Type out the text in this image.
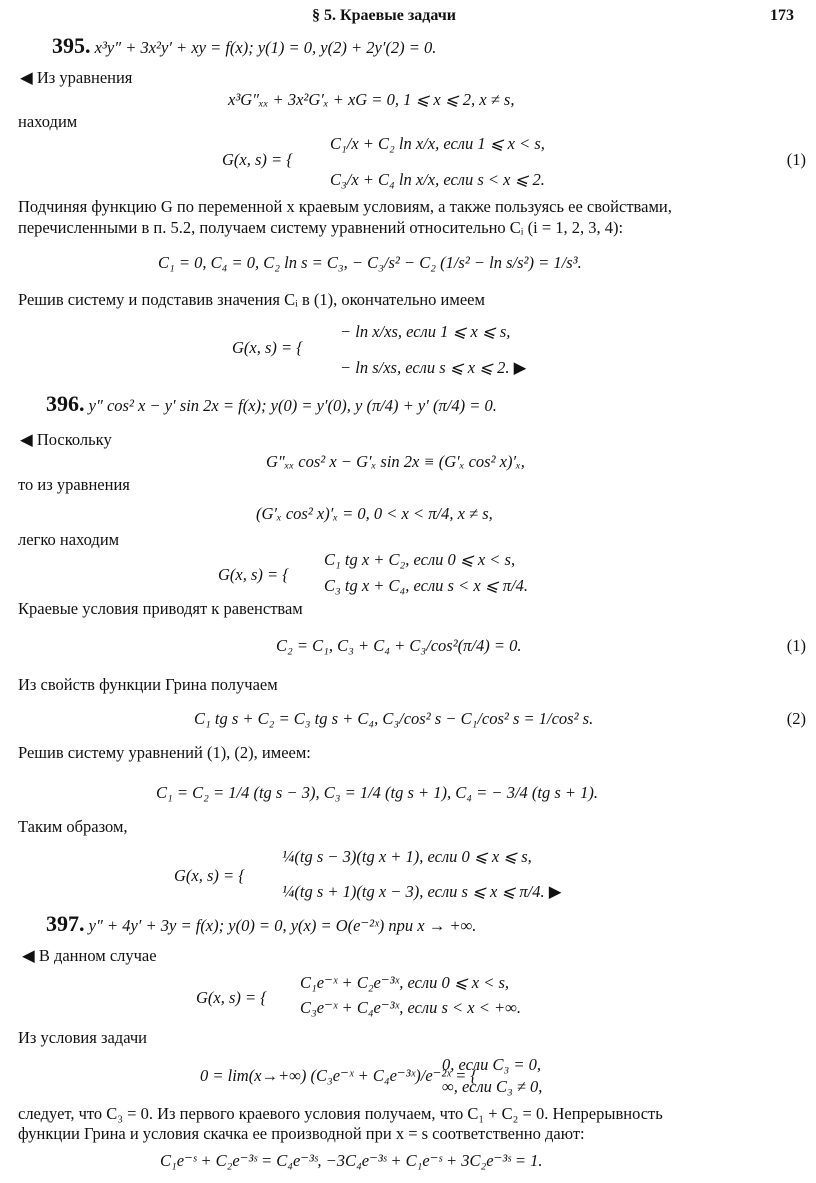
§ 5. Краевые задачи	173
395. x³y″ + 3x²y′ + xy = f(x); y(1) = 0, y(2) + 2y′(2) = 0.
◀ Из уравнения
x³G″ₓₓ + 3x²G′ₓ + xG = 0, 1 ⩽ x ⩽ 2, x ≠ s,
находим
G(x, s) = {
C₁/x + C₂ ln x/x, если 1 ⩽ x < s,
C₃/x + C₄ ln x/x, если s < x ⩽ 2.
Подчиняя функцию G по переменной x краевым условиям, а также пользуясь ее свойствами,
перечисленными в п. 5.2, получаем систему уравнений относительно Cᵢ (i = 1, 2, 3, 4):
C₁ = 0, C₄ = 0, C₂ ln s = C₃, − C₃/s² − C₂ (1/s² − ln s/s²) = 1/s³.
Решив систему и подставив значения Cᵢ в (1), окончательно имеем
G(x, s) = {
− ln x/xs, если 1 ⩽ x ⩽ s,
− ln s/xs, если s ⩽ x ⩽ 2. ▶
396. y″ cos² x − y′ sin 2x = f(x); y(0) = y′(0), y (π/4) + y′ (π/4) = 0.
◀ Поскольку
G″ₓₓ cos² x − G′ₓ sin 2x ≡ (G′ₓ cos² x)′ₓ,
то из уравнения
(G′ₓ cos² x)′ₓ = 0, 0 < x < π/4, x ≠ s,
легко находим
G(x, s) = {
C₁ tg x + C₂, если 0 ⩽ x < s,
C₃ tg x + C₄, если s < x ⩽ π/4.
Краевые условия приводят к равенствам
C₂ = C₁, C₃ + C₄ + C₃/cos²(π/4) = 0.
Из свойств функции Грина получаем
C₁ tg s + C₂ = C₃ tg s + C₄, C₃/cos² s − C₁/cos² s = 1/cos² s.
Решив систему уравнений (1), (2), имеем:
C₁ = C₂ = 1/4 (tg s − 3), C₃ = 1/4 (tg s + 1), C₄ = − 3/4 (tg s + 1).
Таким образом,
G(x, s) = {
¼(tg s − 3)(tg x + 1), если 0 ⩽ x ⩽ s,
¼(tg s + 1)(tg x − 3), если s ⩽ x ⩽ π/4. ▶
397. y″ + 4y′ + 3y = f(x); y(0) = 0, y(x) = O(e⁻²ˣ) при x → +∞.
◀ В данном случае
G(x, s) = {
C₁e⁻ˣ + C₂e⁻³ˣ, если 0 ⩽ x < s,
C₃e⁻ˣ + C₄e⁻³ˣ, если s < x < +∞.
Из условия задачи
0 = lim(x→+∞) (C₃e⁻ˣ + C₄e⁻³ˣ)/e⁻²ˣ = {
0, если C₃ = 0,
∞, если C₃ ≠ 0,
следует, что C₃ = 0. Из первого краевого условия получаем, что C₁ + C₂ = 0. Непрерывность
функции Грина и условия скачка ее производной при x = s соответственно дают:
C₁e⁻ˢ + C₂e⁻³ˢ = C₄e⁻³ˢ, −3C₄e⁻³ˢ + C₁e⁻ˢ + 3C₂e⁻³ˢ = 1.
(1)
(1)
(2)
